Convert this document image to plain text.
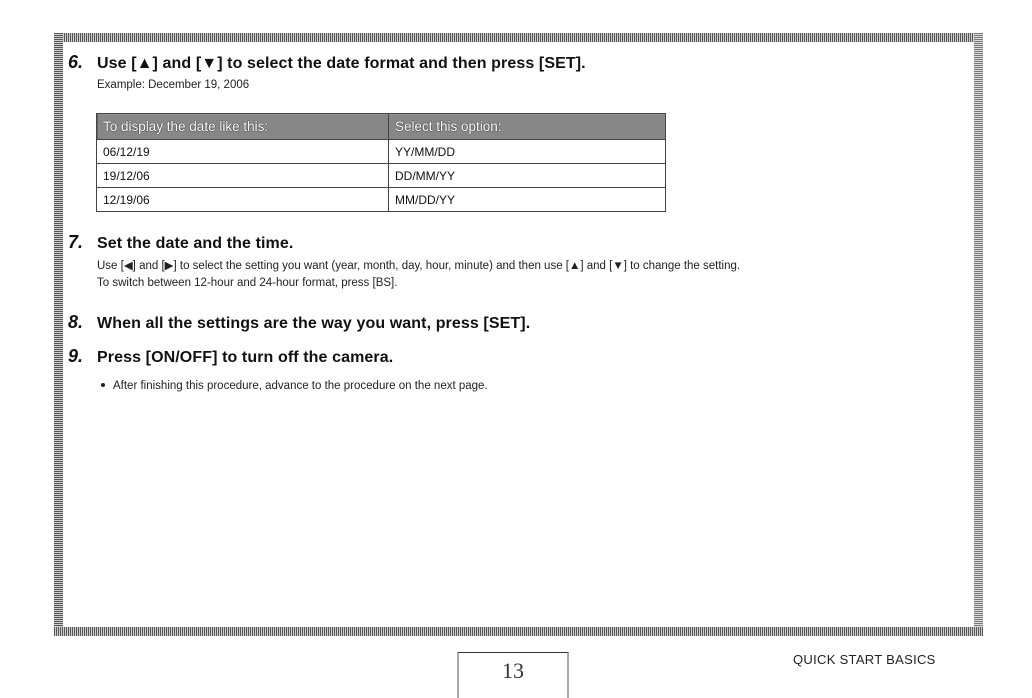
6. Use [▲] and [▼] to select the date format and then press [SET].
Example: December 19, 2006
To display the date like this:	Select this option:
06/12/19	YY/MM/DD
19/12/06	DD/MM/YY
12/19/06	MM/DD/YY
7. Set the date and the time.
Use [◀] and [▶] to select the setting you want (year, month, day, hour, minute) and then use [▲] and [▼] to change the setting.
To switch between 12-hour and 24-hour format, press [BS].
8. When all the settings are the way you want, press [SET].
9. Press [ON/OFF] to turn off the camera.
After finishing this procedure, advance to the procedure on the next page.
13	QUICK START BASICS
